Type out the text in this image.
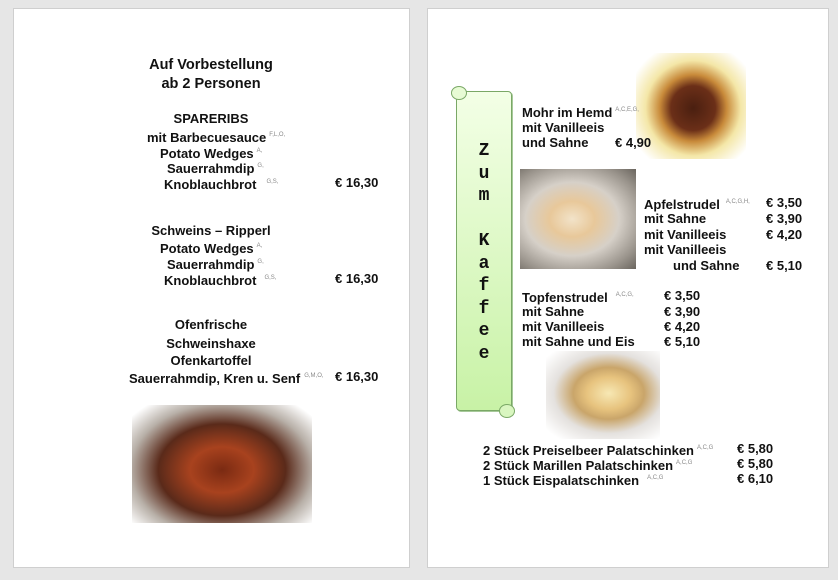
Auf Vorbestellung
ab 2 Personen
SPARERIBS
mit Barbecuesauce $^{F,L,O,}$
Potato Wedges $^{A,}$
Sauerrahmdip $^{G,}$
Knoblauchbrot $^{G,S,}$	€ 16,30
Schweins – Ripperl
Potato Wedges $^{A,}$
Sauerrahmdip $^{G,}$
Knoblauchbrot $^{G,S,}$	€ 16,30
Ofenfrische
Schweinshaxe
Ofenkartoffel
Sauerrahmdip, Kren u. Senf $^{G,M,O,}$ € 16,30
Z
u
m

K
a
f
f
e
e
Mohr im Hemd $^{A,C,E,G,}$
mit Vanilleeis
und Sahne € 4,90
Apfelstrudel $^{A,C,G,H,}$ € 3,50
mit Sahne	€ 3,90
mit Vanilleeis	€ 4,20
mit Vanilleeis
und Sahne € 5,10
Topfenstrudel $^{A,C,G,}$ € 3,50
mit Sahne	€ 3,90
mit Vanilleeis	€ 4,20
mit Sahne und Eis € 5,10
2 Stück Preiselbeer Palatschinken $^{A,C,G}$ € 5,80
2 Stück Marillen Palatschinken $^{A,C,G}$	€ 5,80
1 Stück Eispalatschinken $^{A,C,G}$	€ 6,10
